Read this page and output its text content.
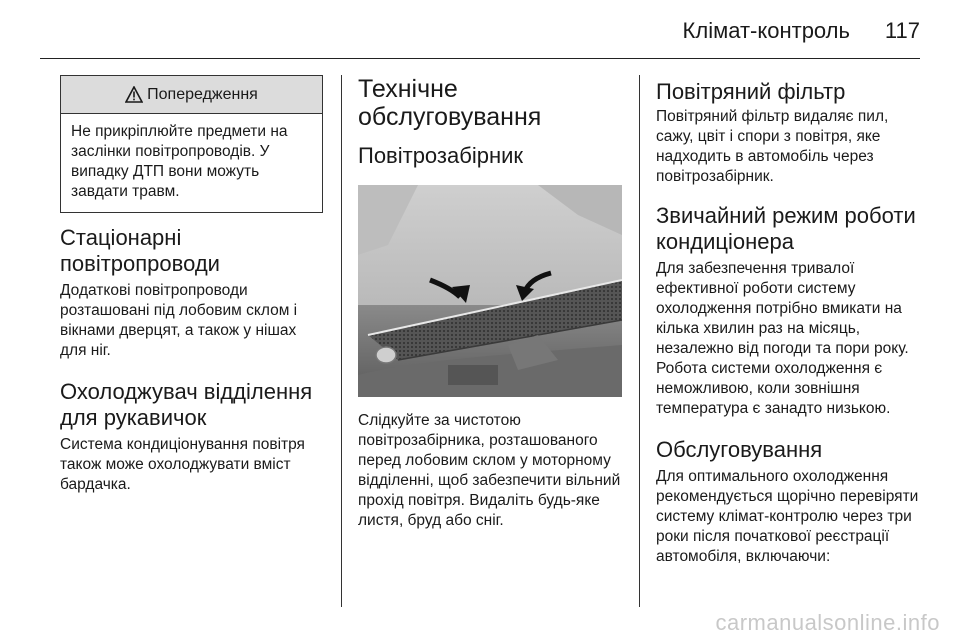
Клімат-контроль 117
Попередження
Не прикріплюйте предмети на заслінки повітропроводів. У випадку ДТП вони можуть завдати травм.
Стаціонарні повітропроводи

Додаткові повітропроводи розташовані під лобовим склом і вікнами дверцят, а також у нішах для ніг.

Охолоджувач відділення для рукавичок

Система кондиціонування повітря також може охолоджувати вміст бардачка.

Технічне обслуговування
Повітрозабірник

Слідкуйте за чистотою повітрозабірника, розташованого перед лобовим склом у моторному відділенні, щоб забезпечити вільний прохід повітря. Видаліть будь-яке листя, бруд або сніг.

Повітряний фільтр

Повітряний фільтр видаляє пил, сажу, цвіт і спори з повітря, яке надходить в автомобіль через повітрозабірник.

Звичайний режим роботи кондиціонера

Для забезпечення тривалої ефективної роботи систему охолодження потрібно вмикати на кілька хвилин раз на місяць, незалежно від погоди та пори року. Робота системи охолодження є неможливою, коли зовнішня температура є занадто низькою.

Обслуговування

Для оптимального охолодження рекомендується щорічно перевіряти систему клімат-контролю через три роки після початкової реєстрації автомобіля, включаючи:

carmanualsonline.info
